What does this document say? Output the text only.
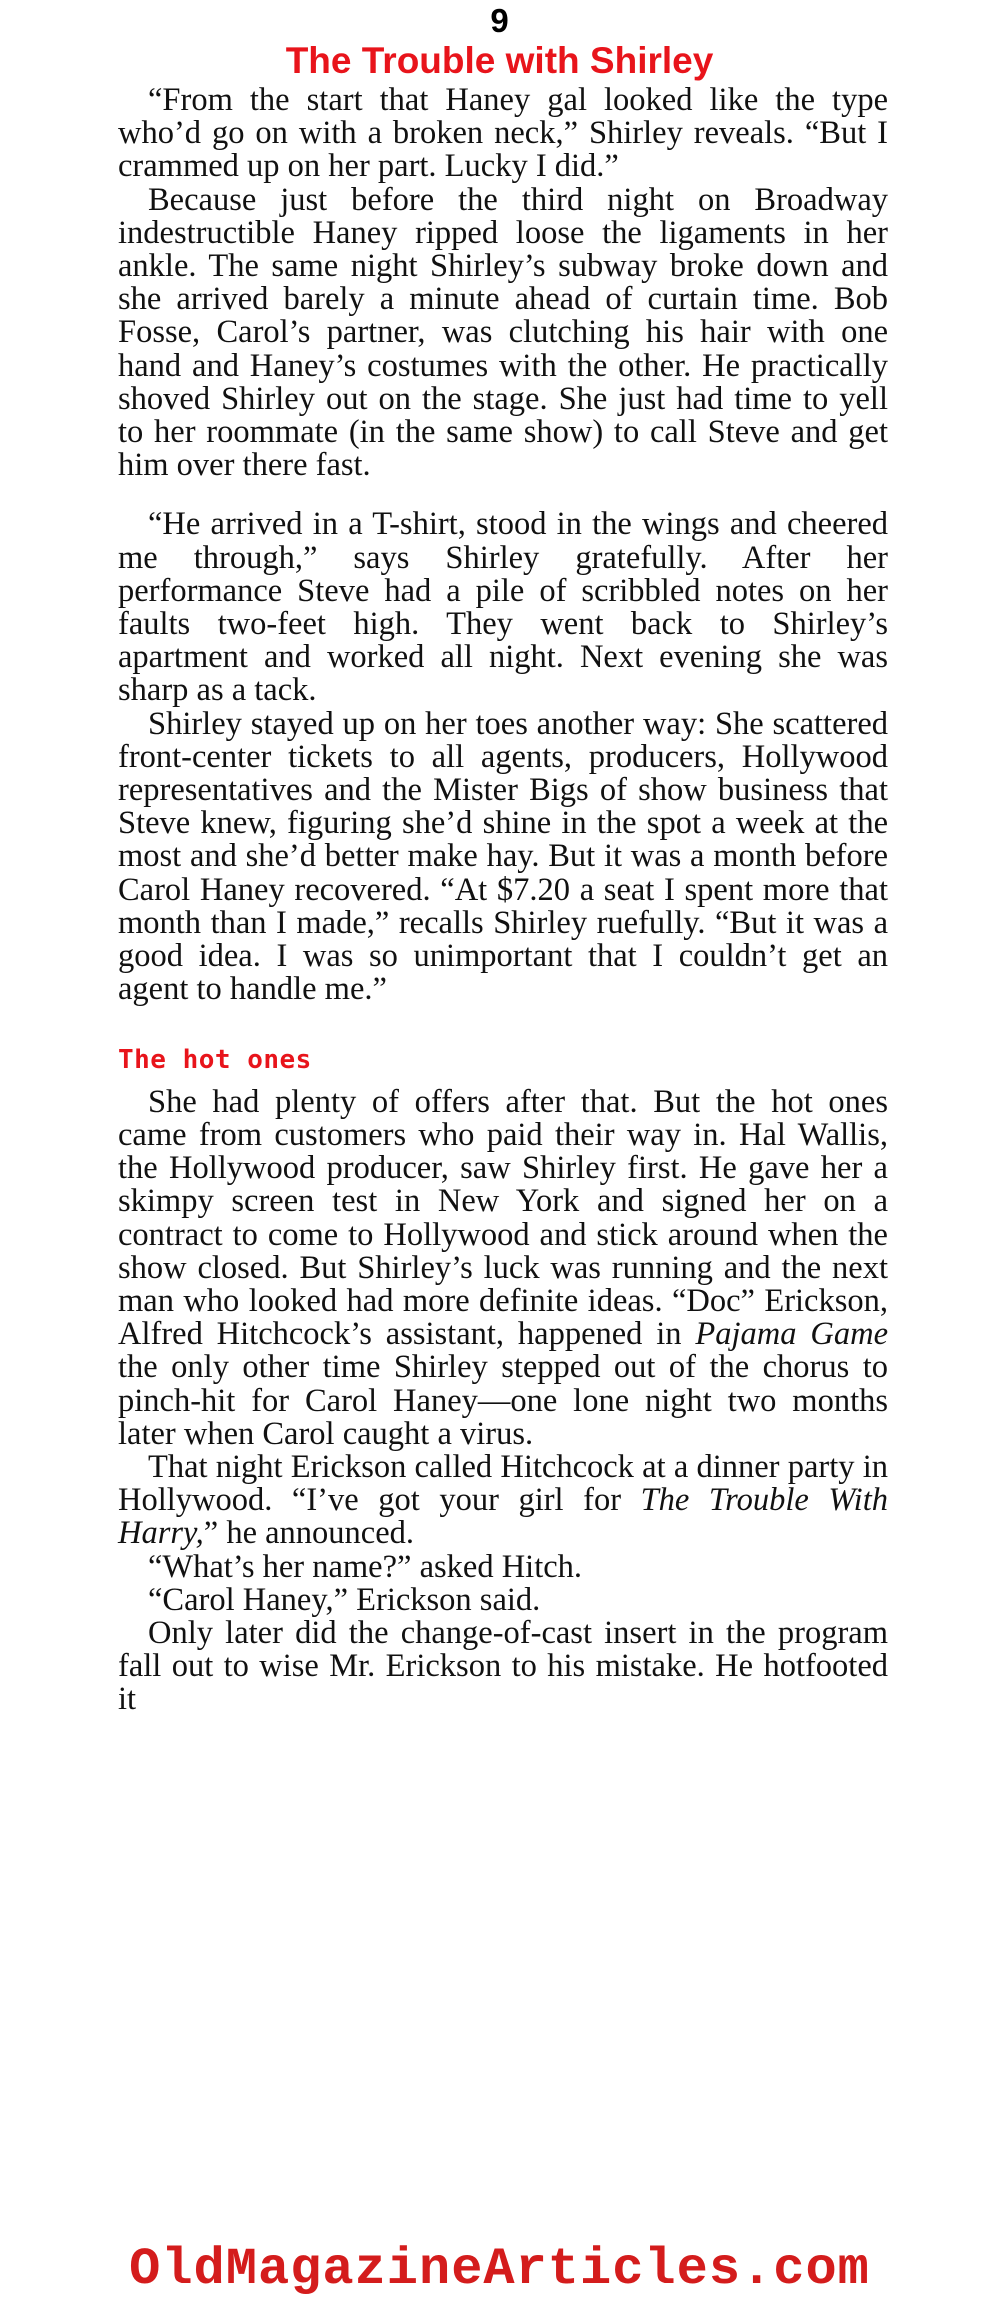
9
The Trouble with Shirley

“From the start that Haney gal looked like the type who’d go on with a broken neck,” Shirley reveals. “But I crammed up on her part. Lucky I did.”

Because just before the third night on Broadway indestructible Haney ripped loose the ligaments in her ankle. The same night Shirley’s subway broke down and she arrived barely a minute ahead of curtain time. Bob Fosse, Carol’s partner, was clutching his hair with one hand and Haney’s costumes with the other. He practically shoved Shirley out on the stage. She just had time to yell to her roommate (in the same show) to call Steve and get him over there fast.

“He arrived in a T-shirt, stood in the wings and cheered me through,” says Shirley gratefully. After her performance Steve had a pile of scribbled notes on her faults two-feet high. They went back to Shirley’s apartment and worked all night. Next evening she was sharp as a tack.

Shirley stayed up on her toes another way: She scattered front-center tickets to all agents, producers, Hollywood representatives and the Mister Bigs of show business that Steve knew, figuring she’d shine in the spot a week at the most and she’d better make hay. But it was a month before Carol Haney recovered. “At $7.20 a seat I spent more that month than I made,” recalls Shirley ruefully. “But it was a good idea. I was so unimportant that I couldn’t get an agent to handle me.”

The hot ones

She had plenty of offers after that. But the hot ones came from customers who paid their way in. Hal Wallis, the Hollywood producer, saw Shirley first. He gave her a skimpy screen test in New York and signed her on a contract to come to Hollywood and stick around when the show closed. But Shirley’s luck was running and the next man who looked had more definite ideas. “Doc” Erickson, Alfred Hitchcock’s assistant, happened in Pajama Game the only other time Shirley stepped out of the chorus to pinch-hit for Carol Haney—one lone night two months later when Carol caught a virus.

That night Erickson called Hitchcock at a dinner party in Hollywood. “I’ve got your girl for The Trouble With Harry,” he announced.

“What’s her name?” asked Hitch.

“Carol Haney,” Erickson said.

Only later did the change-of-cast insert in the program fall out to wise Mr. Erickson to his mistake. He hotfooted it

OldMagazineArticles.com
